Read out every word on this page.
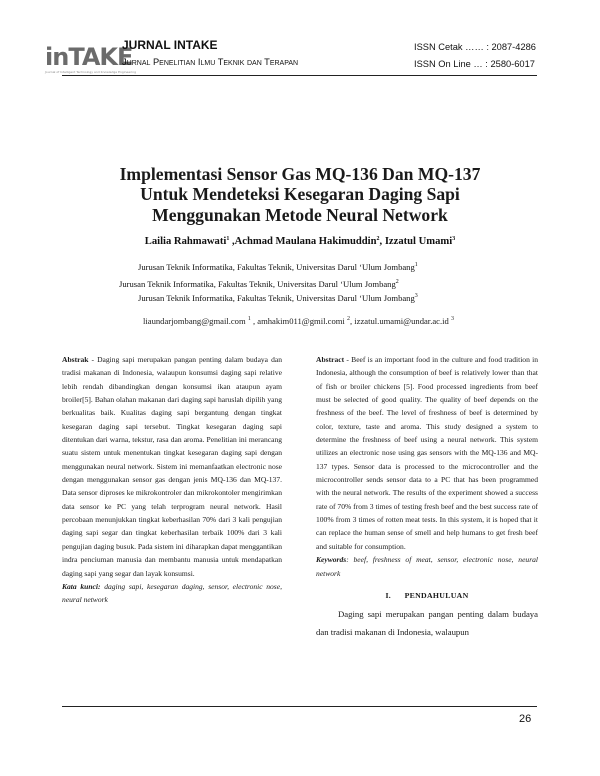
inTAKE
Journal of Intelligent Technology and Knowledge Engineering
JURNAL INTAKE
Jurnal Penelitian Ilmu Teknik dan Terapan
ISSN Cetak …… : 2087-4286
ISSN On Line … : 2580-6017
Implementasi Sensor Gas MQ-136 Dan MQ-137
Untuk Mendeteksi Kesegaran Daging Sapi
Menggunakan Metode Neural Network
Lailia Rahmawati$^1$ ,Achmad Maulana Hakimuddin$^2$, Izzatul Umami$^3$
Jurusan Teknik Informatika, Fakultas Teknik, Universitas Darul ‘Ulum Jombang$^1$
Jurusan Teknik Informatika, Fakultas Teknik, Universitas Darul ‘Ulum Jombang$^2$
Jurusan Teknik Informatika, Fakultas Teknik, Universitas Darul ‘Ulum Jombang$^3$
liaundarjombang@gmail.com $^1$ , amhakim011@gmil.comi $^2$, izzatul.umami@undar.ac.id $^3$

Abstrak - Daging sapi merupakan pangan penting dalam budaya dan tradisi makanan di Indonesia, walaupun konsumsi daging sapi relative lebih rendah dibandingkan dengan konsumsi ikan ataupun ayam broiler[5]. Bahan olahan makanan dari daging sapi haruslah dipilih yang berkualitas baik. Kualitas daging sapi bergantung dengan tingkat kesegaran daging sapi tersebut. Tingkat kesegaran daging sapi ditentukan dari warna, tekstur, rasa dan aroma. Penelitian ini merancang suatu sistem untuk menentukan tingkat kesegaran daging sapi dengan menggunakan neural network. Sistem ini memanfaatkan electronic nose dengan menggunakan sensor gas dengan jenis MQ-136 dan MQ-137. Data sensor diproses ke mikrokontroler dan mikrokontoler mengirimkan data sensor ke PC yang telah terprogram neural network. Hasil percobaan menunjukkan tingkat keberhasilan 70% dari 3 kali pengujian daging sapi segar dan tingkat keberhasilan terbaik 100% dari 3 kali pengujian daging busuk. Pada sistem ini diharapkan dapat menggantikan indra penciuman manusia dan membantu manusia untuk mendapatkan daging sapi yang segar dan layak konsumsi.

Kata kunci: daging sapi, kesegaran daging, sensor, electronic nose, neural network

Abstract - Beef is an important food in the culture and food tradition in Indonesia, although the consumption of beef is relatively lower than that of fish or broiler chickens [5]. Food processed ingredients from beef must be selected of good quality. The quality of beef depends on the freshness of the beef. The level of freshness of beef is determined by color, texture, taste and aroma. This study designed a system to determine the freshness of beef using a neural network. This system utilizes an electronic nose using gas sensors with the MQ-136 and MQ-137 types. Sensor data is processed to the microcontroller and the microcontroller sends sensor data to a PC that has been programmed with the neural network. The results of the experiment showed a success rate of 70% from 3 times of testing fresh beef and the best success rate of 100% from 3 times of rotten meat tests. In this system, it is hoped that it can replace the human sense of smell and help humans to get fresh beef and suitable for consumption.

Keywords: beef, freshness of meat, sensor, electronic nose, neural network

I. PENDAHULUAN

Daging sapi merupakan pangan penting dalam budaya dan tradisi makanan di Indonesia, walaupun

26
